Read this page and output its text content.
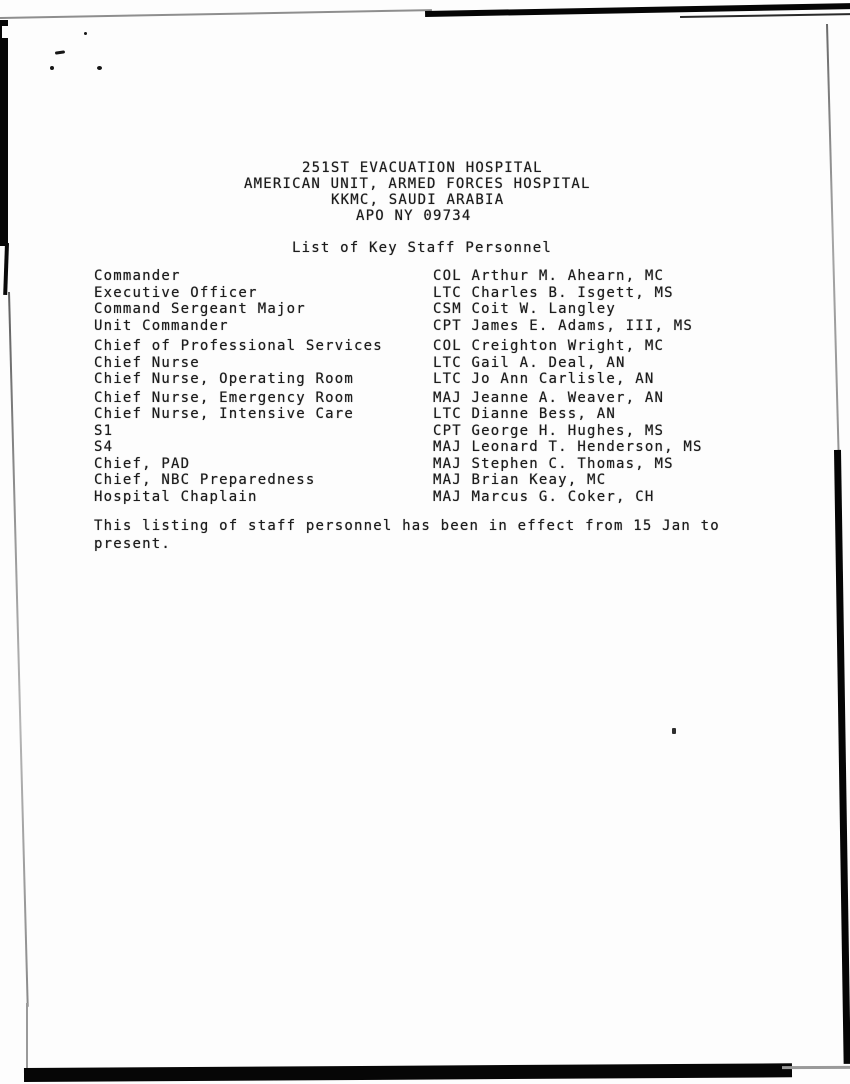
251ST EVACUATION HOSPITAL
AMERICAN UNIT, ARMED FORCES HOSPITAL
KKMC, SAUDI ARABIA
APO NY 09734
List of Key Staff Personnel
Commander	COL Arthur M. Ahearn, MC
Executive Officer	LTC Charles B. Isgett, MS
Command Sergeant Major	CSM Coit W. Langley
Unit Commander	CPT James E. Adams, III, MS
Chief of Professional Services	COL Creighton Wright, MC
Chief Nurse	LTC Gail A. Deal, AN
Chief Nurse, Operating Room	LTC Jo Ann Carlisle, AN
Chief Nurse, Emergency Room	MAJ Jeanne A. Weaver, AN
Chief Nurse, Intensive Care	LTC Dianne Bess, AN
S1	CPT George H. Hughes, MS
S4	MAJ Leonard T. Henderson, MS
Chief, PAD	MAJ Stephen C. Thomas, MS
Chief, NBC Preparedness	MAJ Brian Keay, MC
Hospital Chaplain	MAJ Marcus G. Coker, CH
This listing of staff personnel has been in effect from 15 Jan to
present.
